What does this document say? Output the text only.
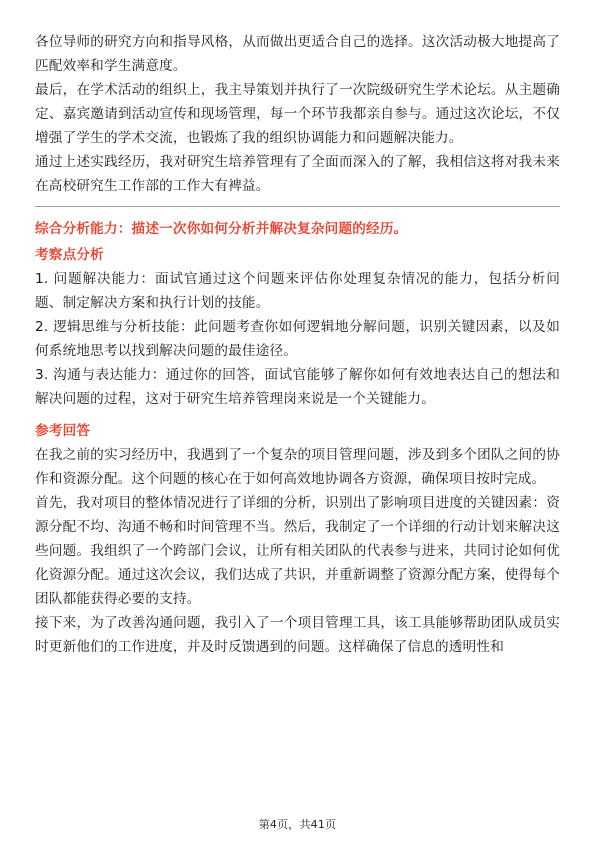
各位导师的研究方向和指导风格，从而做出更适合自己的选择。这次活动极大地提高了匹配效率和学生满意度。

最后，在学术活动的组织上，我主导策划并执行了一次院级研究生学术论坛。从主题确定、嘉宾邀请到活动宣传和现场管理，每一个环节我都亲自参与。通过这次论坛，不仅增强了学生的学术交流，也锻炼了我的组织协调能力和问题解决能力。

通过上述实践经历，我对研究生培养管理有了全面而深入的了解，我相信这将对我未来在高校研究生工作部的工作大有裨益。

综合分析能力：描述一次你如何分析并解决复杂问题的经历。
考察点分析

1. 问题解决能力：面试官通过这个问题来评估你处理复杂情况的能力，包括分析问题、制定解决方案和执行计划的技能。

2. 逻辑思维与分析技能：此问题考查你如何逻辑地分解问题，识别关键因素，以及如何系统地思考以找到解决问题的最佳途径。

3. 沟通与表达能力：通过你的回答，面试官能够了解你如何有效地表达自己的想法和解决问题的过程，这对于研究生培养管理岗来说是一个关键能力。

参考回答

在我之前的实习经历中，我遇到了一个复杂的项目管理问题，涉及到多个团队之间的协作和资源分配。这个问题的核心在于如何高效地协调各方资源，确保项目按时完成。

首先，我对项目的整体情况进行了详细的分析，识别出了影响项目进度的关键因素：资源分配不均、沟通不畅和时间管理不当。然后，我制定了一个详细的行动计划来解决这些问题。我组织了一个跨部门会议，让所有相关团队的代表参与进来，共同讨论如何优化资源分配。通过这次会议，我们达成了共识，并重新调整了资源分配方案，使得每个团队都能获得必要的支持。

接下来，为了改善沟通问题，我引入了一个项目管理工具，该工具能够帮助团队成员实时更新他们的工作进度，并及时反馈遇到的问题。这样确保了信息的透明性和

第4页，共41页
